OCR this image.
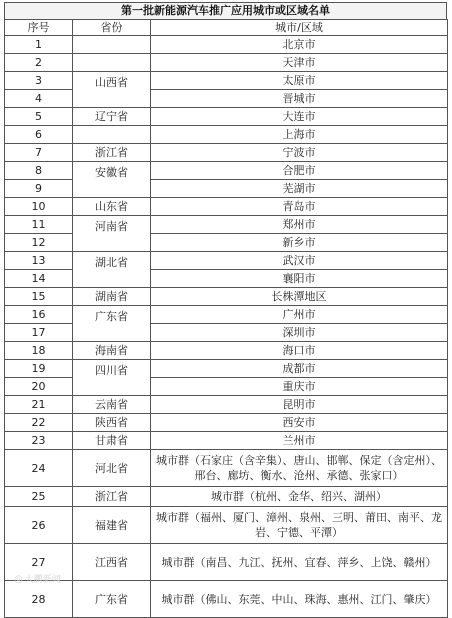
第一批新能源汽车推广应用城市或区域名单
序号	省份	城市/区域
1		北京市
2		天津市
3	山西省	太原市
4		晋城市
5	辽宁省	大连市
6		上海市
7	浙江省	宁波市
8	安徽省	合肥市
9		芜湖市
10	山东省	青岛市
11	河南省	郑州市
12		新乡市
13	湖北省	武汉市
14		襄阳市
15	湖南省	长株潭地区
16	广东省	广州市
17		深圳市
18	海南省	海口市
19	四川省	成都市
20		重庆市
21	云南省	昆明市
22	陕西省	西安市
23	甘肃省	兰州市
24	河北省	城市群（石家庄（含辛集）、唐山、邯郸、保定（含定州）、邢台、廊坊、衡水、沧州、承德、张家口）
25	浙江省	城市群（杭州、金华、绍兴、湖州）
26	福建省	城市群（福州、厦门、漳州、泉州、三明、莆田、南平、龙岩、宁德、平潭）
27	江西省	城市群（南昌、九江、抚州、宜春、萍乡、上饶、赣州）
28	广东省	城市群（佛山、东莞、中山、珠海、惠州、江门、肇庆）
◎ 大鹏新闻
